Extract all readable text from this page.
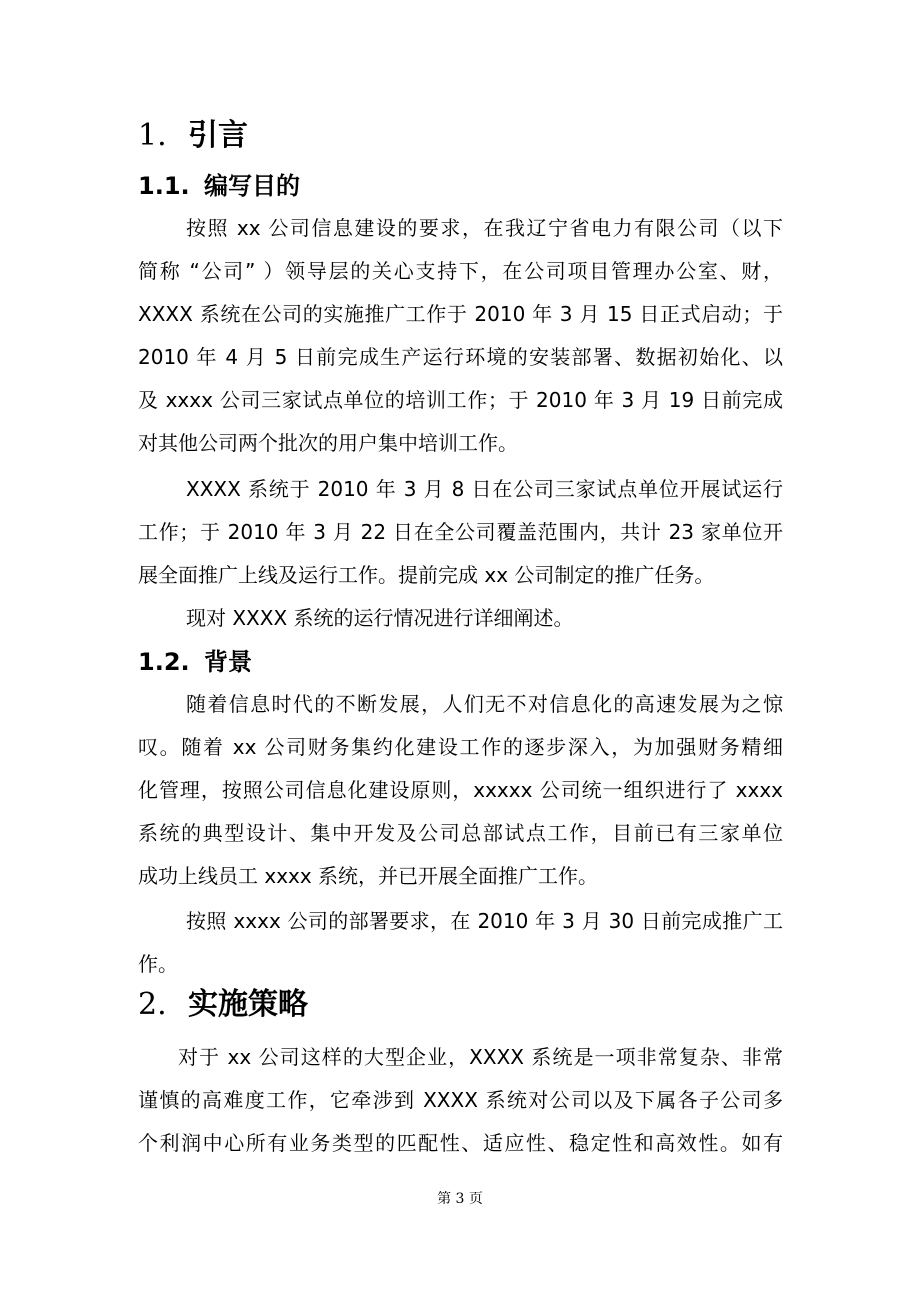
1. 引言
1.1. 编写目的
按照 xx 公司信息建设的要求，在我辽宁省电力有限公司（以下
简称 “公司” ）领导层的关心支持下，在公司项目管理办公室、财，
XXXX 系统在公司的实施推广工作于 2010 年 3 月 15 日正式启动；于
2010 年 4 月 5 日前完成生产运行环境的安装部署、数据初始化、以
及 xxxx 公司三家试点单位的培训工作；于 2010 年 3 月 19 日前完成
对其他公司两个批次的用户集中培训工作。
XXXX 系统于 2010 年 3 月 8 日在公司三家试点单位开展试运行
工作；于 2010 年 3 月 22 日在全公司覆盖范围内，共计 23 家单位开
展全面推广上线及运行工作。提前完成 xx 公司制定的推广任务。
现对 XXXX 系统的运行情况进行详细阐述。
1.2. 背景
随着信息时代的不断发展，人们无不对信息化的高速发展为之惊
叹。随着 xx 公司财务集约化建设工作的逐步深入，为加强财务精细
化管理，按照公司信息化建设原则，xxxxx 公司统一组织进行了 xxxx
系统的典型设计、集中开发及公司总部试点工作，目前已有三家单位
成功上线员工 xxxx 系统，并已开展全面推广工作。
按照 xxxx 公司的部署要求，在 2010 年 3 月 30 日前完成推广工
作。
2. 实施策略
对于 xx 公司这样的大型企业，XXXX 系统是一项非常复杂、非常
谨慎的高难度工作，它牵涉到 XXXX 系统对公司以及下属各子公司多
个利润中心所有业务类型的匹配性、适应性、稳定性和高效性。如有
第 3 页
